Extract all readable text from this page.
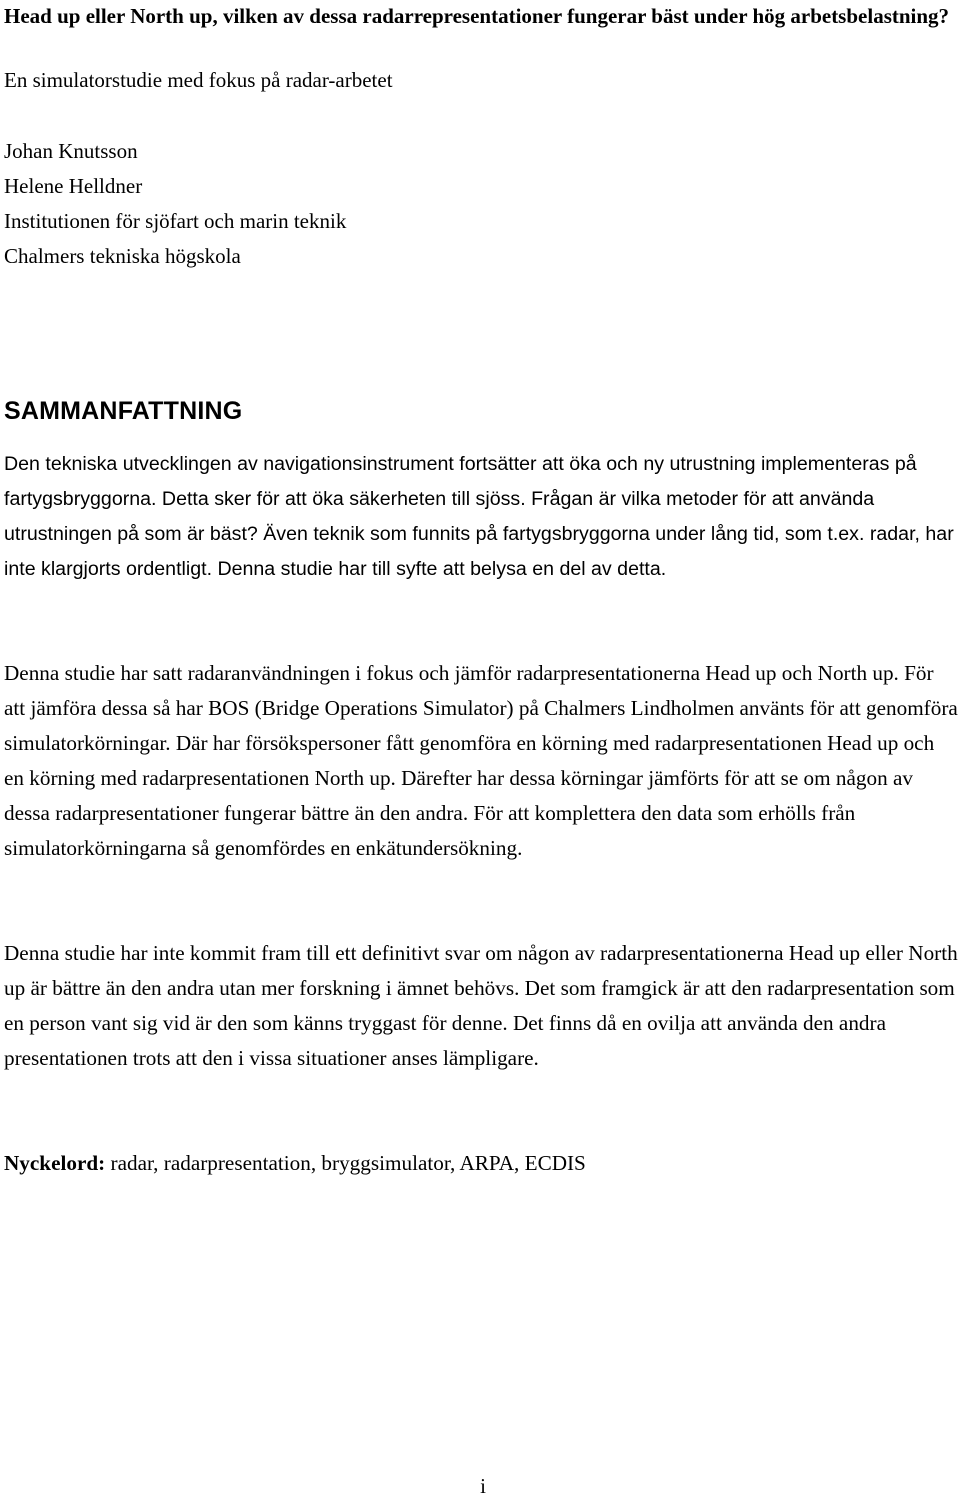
Head up eller North up, vilken av dessa radarrepresentationer fungerar bäst under hög arbetsbelastning?

En simulatorstudie med fokus på radar-arbetet

Johan Knutsson
Helene Helldner
Institutionen för sjöfart och marin teknik
Chalmers tekniska högskola
SAMMANFATTNING

Den tekniska utvecklingen av navigationsinstrument fortsätter att öka och ny utrustning implementeras på fartygsbryggorna. Detta sker för att öka säkerheten till sjöss. Frågan är vilka metoder för att använda utrustningen på som är bäst? Även teknik som funnits på fartygsbryggorna under lång tid, som t.ex. radar, har inte klargjorts ordentligt. Denna studie har till syfte att belysa en del av detta.

Denna studie har satt radaranvändningen i fokus och jämför radarpresentationerna Head up och North up. För att jämföra dessa så har BOS (Bridge Operations Simulator) på Chalmers Lindholmen använts för att genomföra simulatorkörningar. Där har försökspersoner fått genomföra en körning med radarpresentationen Head up och en körning med radarpresentationen North up. Därefter har dessa körningar jämförts för att se om någon av dessa radarpresentationer fungerar bättre än den andra. För att komplettera den data som erhölls från simulatorkörningarna så genomfördes en enkätundersökning.

Denna studie har inte kommit fram till ett definitivt svar om någon av radarpresentationerna Head up eller North up är bättre än den andra utan mer forskning i ämnet behövs. Det som framgick är att den radarpresentation som en person vant sig vid är den som känns tryggast för denne. Det finns då en ovilja att använda den andra presentationen trots att den i vissa situationer anses lämpligare.

Nyckelord: radar, radarpresentation, bryggsimulator, ARPA, ECDIS

i
